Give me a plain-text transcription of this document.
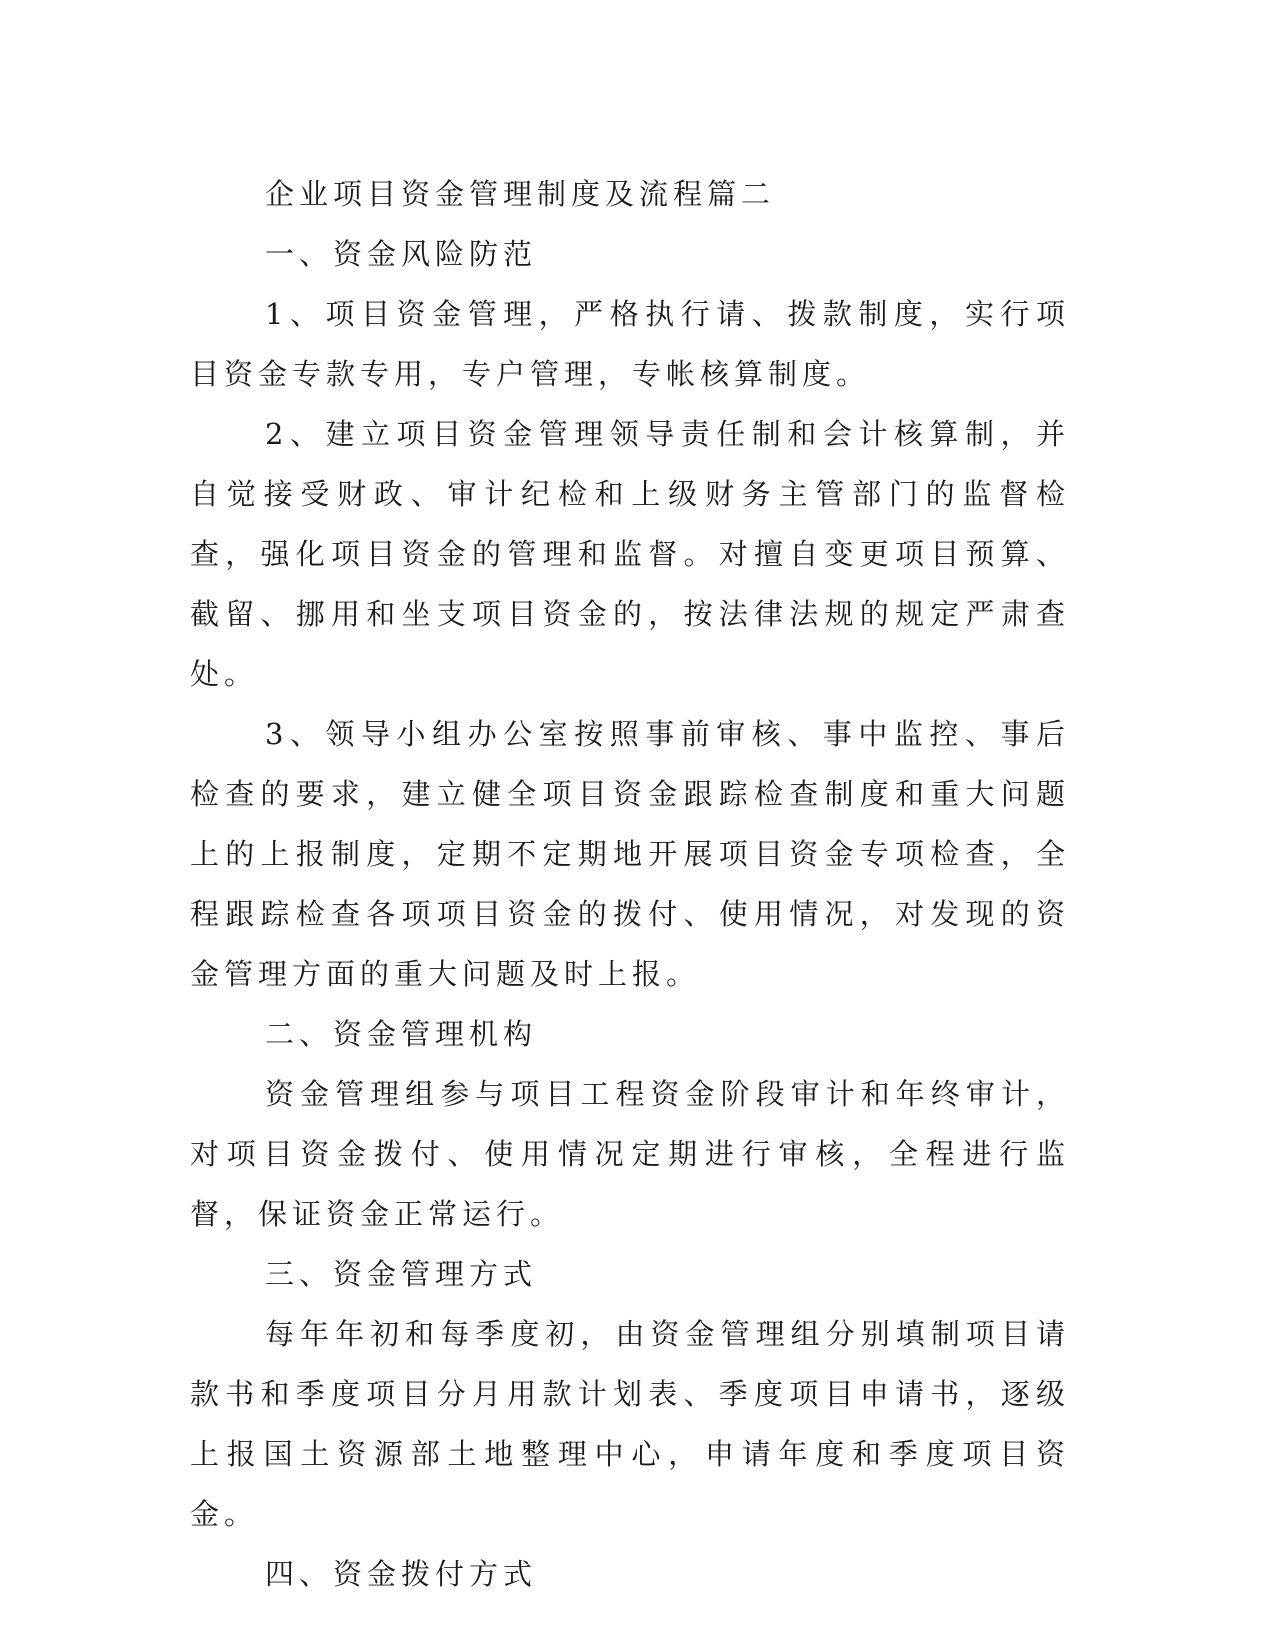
企业项目资金管理制度及流程篇二

一、资金风险防范

1、项目资金管理，严格执行请、拨款制度，实行项目资金专款专用，专户管理，专帐核算制度。

2、建立项目资金管理领导责任制和会计核算制，并自觉接受财政、审计纪检和上级财务主管部门的监督检查，强化项目资金的管理和监督。对擅自变更项目预算、截留、挪用和坐支项目资金的，按法律法规的规定严肃查处。

3、领导小组办公室按照事前审核、事中监控、事后检查的要求，建立健全项目资金跟踪检查制度和重大问题上的上报制度，定期不定期地开展项目资金专项检查，全程跟踪检查各项项目资金的拨付、使用情况，对发现的资金管理方面的重大问题及时上报。

二、资金管理机构

资金管理组参与项目工程资金阶段审计和年终审计，对项目资金拨付、使用情况定期进行审核，全程进行监督，保证资金正常运行。

三、资金管理方式

每年年初和每季度初，由资金管理组分别填制项目请款书和季度项目分月用款计划表、季度项目申请书，逐级上报国土资源部土地整理中心，申请年度和季度项目资金。

四、资金拨付方式
